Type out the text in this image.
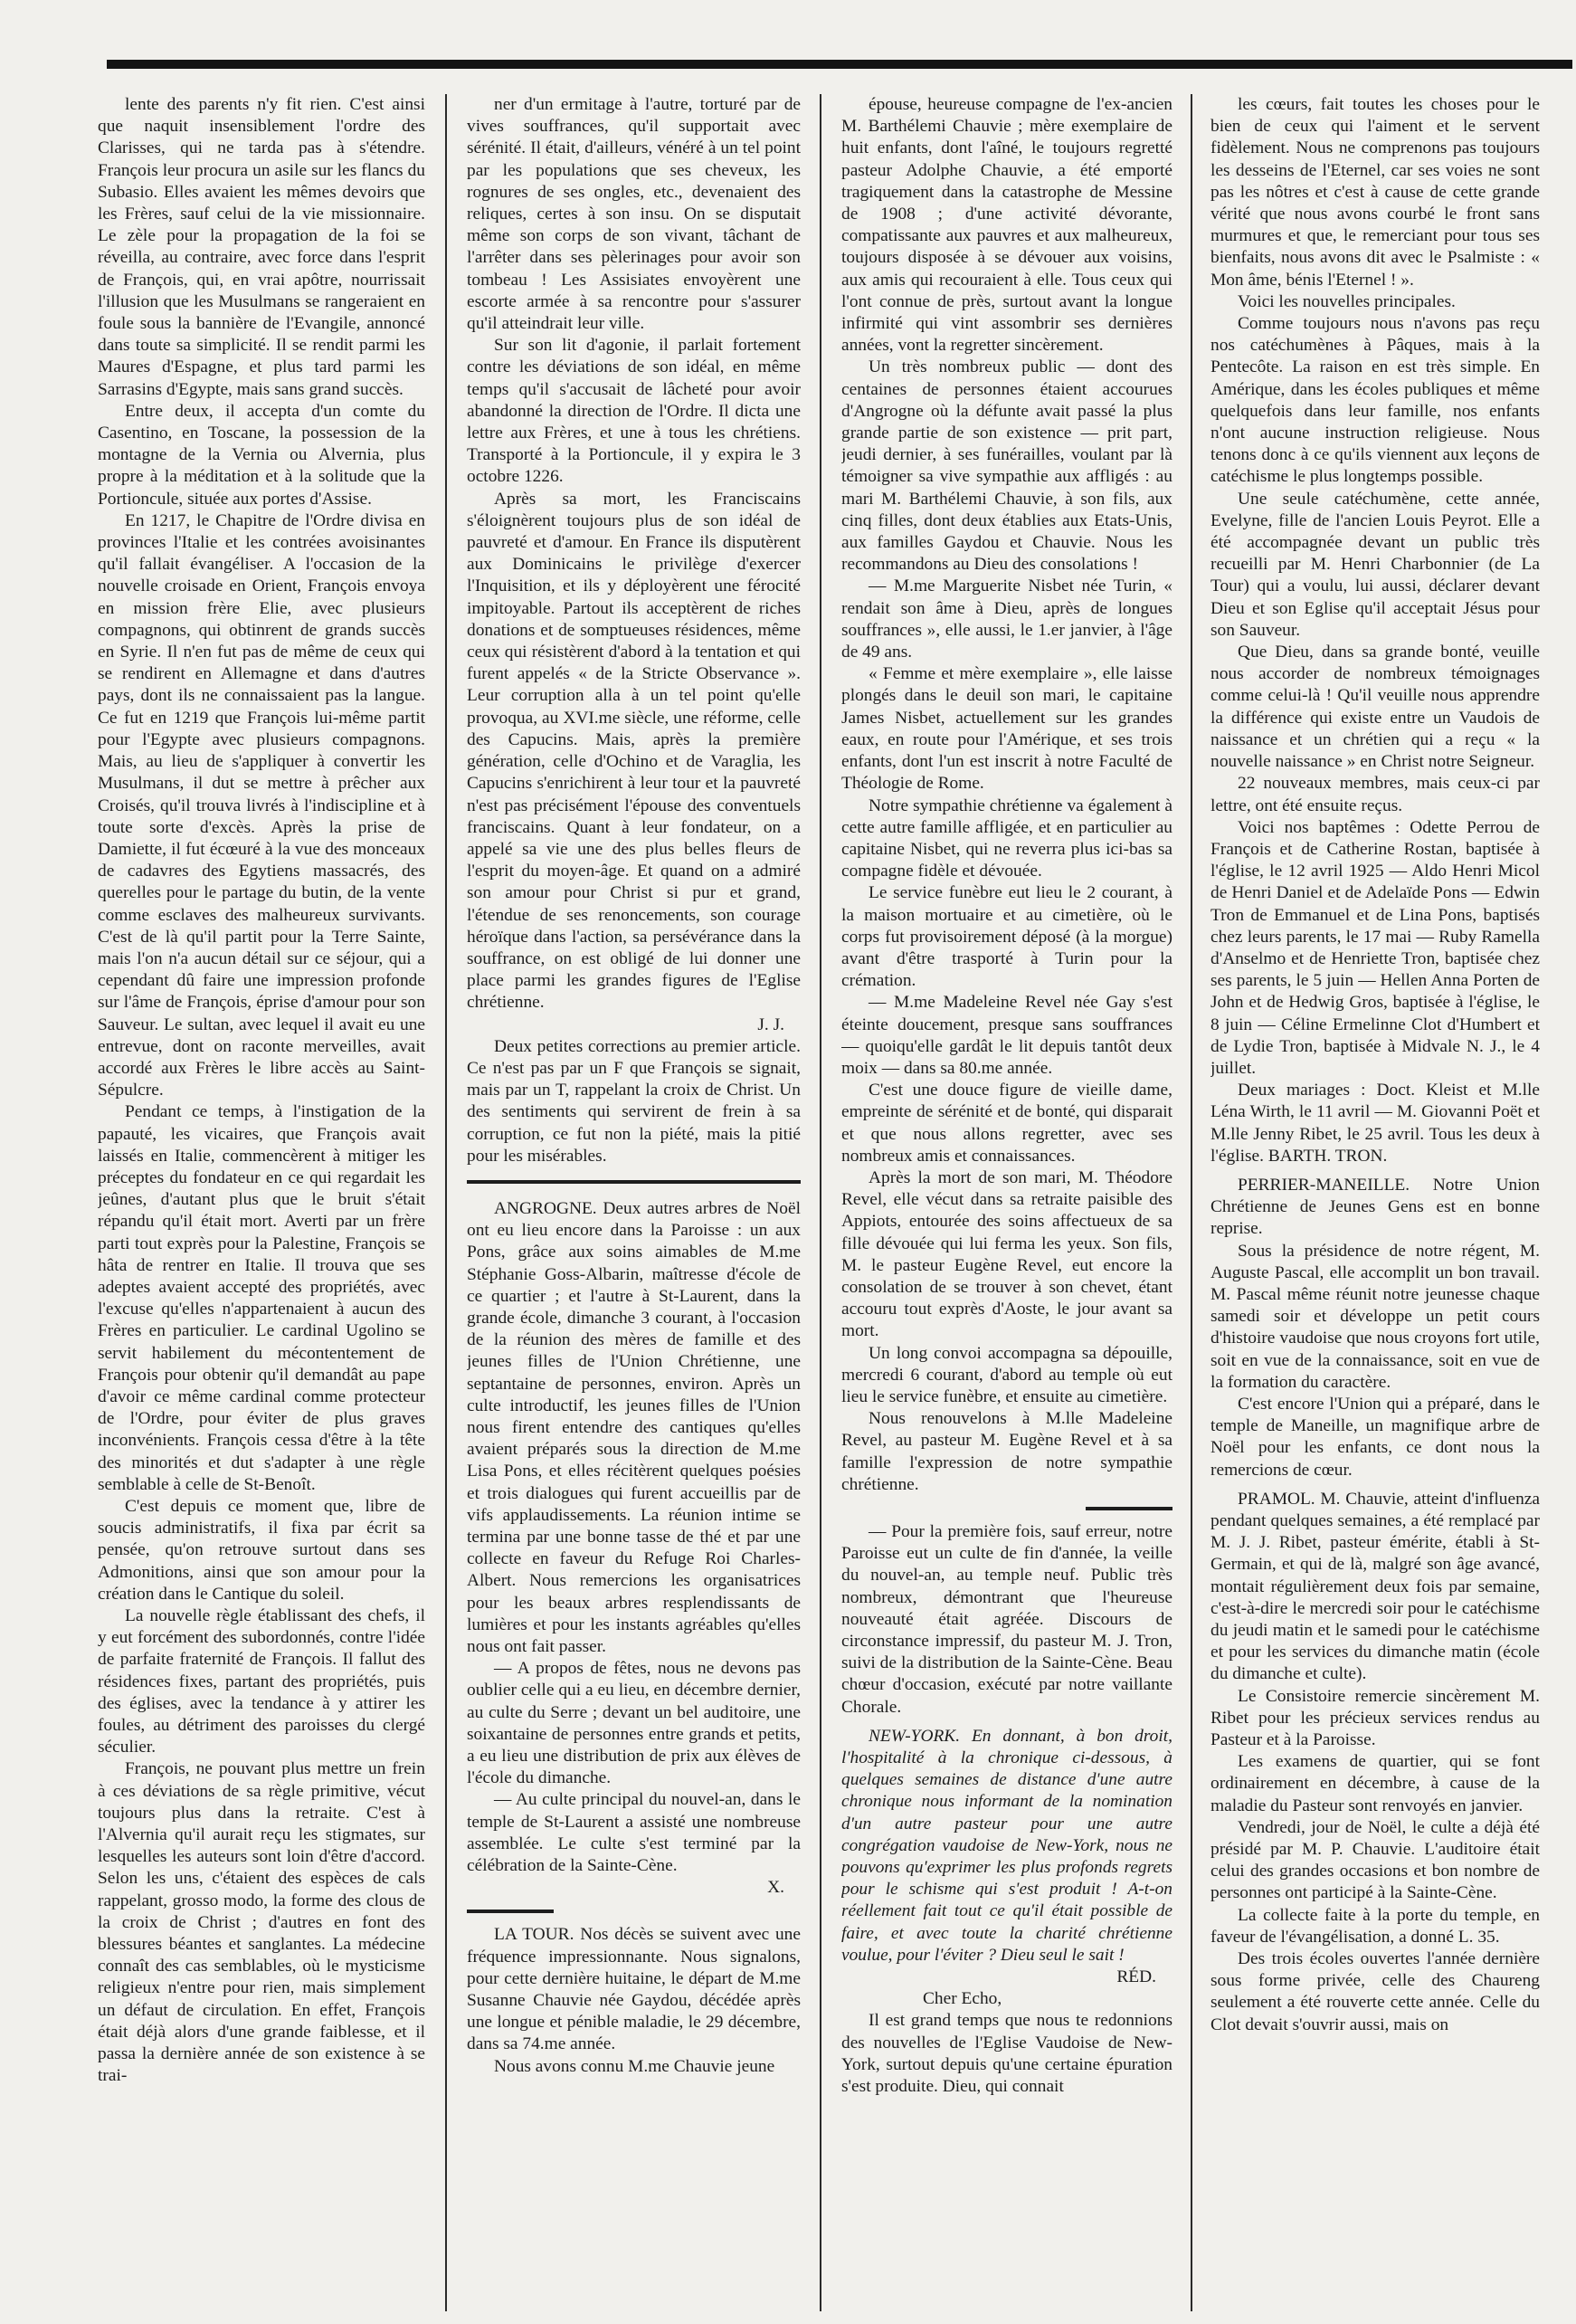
lente des parents n'y fit rien. C'est ainsi que naquit insensiblement l'ordre des Clarisses, qui ne tarda pas à s'étendre. François leur procura un asile sur les flancs du Subasio. Elles avaient les mêmes devoirs que les Frères, sauf celui de la vie missionnaire. Le zèle pour la propagation de la foi se réveilla, au contraire, avec force dans l'esprit de François, qui, en vrai apôtre, nourrissait l'illusion que les Musulmans se rangeraient en foule sous la bannière de l'Evangile, annoncé dans toute sa simplicité. Il se rendit parmi les Maures d'Espagne, et plus tard parmi les Sarrasins d'Egypte, mais sans grand succès.

Entre deux, il accepta d'un comte du Casentino, en Toscane, la possession de la montagne de la Vernia ou Alvernia, plus propre à la méditation et à la solitude que la Portioncule, située aux portes d'Assise.

En 1217, le Chapitre de l'Ordre divisa en provinces l'Italie et les contrées avoisinantes qu'il fallait évangéliser. A l'occasion de la nouvelle croisade en Orient, François envoya en mission frère Elie, avec plusieurs compagnons, qui obtinrent de grands succès en Syrie. Il n'en fut pas de même de ceux qui se rendirent en Allemagne et dans d'autres pays, dont ils ne connaissaient pas la langue. Ce fut en 1219 que François lui-même partit pour l'Egypte avec plusieurs compagnons. Mais, au lieu de s'appliquer à convertir les Musulmans, il dut se mettre à prêcher aux Croisés, qu'il trouva livrés à l'indiscipline et à toute sorte d'excès. Après la prise de Damiette, il fut écœuré à la vue des monceaux de cadavres des Egytiens massacrés, des querelles pour le partage du butin, de la vente comme esclaves des malheureux survivants. C'est de là qu'il partit pour la Terre Sainte, mais l'on n'a aucun détail sur ce séjour, qui a cependant dû faire une impression profonde sur l'âme de François, éprise d'amour pour son Sauveur. Le sultan, avec lequel il avait eu une entrevue, dont on raconte merveilles, avait accordé aux Frères le libre accès au Saint-Sépulcre.

Pendant ce temps, à l'instigation de la papauté, les vicaires, que François avait laissés en Italie, commencèrent à mitiger les préceptes du fondateur en ce qui regardait les jeûnes, d'autant plus que le bruit s'était répandu qu'il était mort. Averti par un frère parti tout exprès pour la Palestine, François se hâta de rentrer en Italie. Il trouva que ses adeptes avaient accepté des propriétés, avec l'excuse qu'elles n'appartenaient à aucun des Frères en particulier. Le cardinal Ugolino se servit habilement du mécontentement de François pour obtenir qu'il demandât au pape d'avoir ce même cardinal comme protecteur de l'Ordre, pour éviter de plus graves inconvénients. François cessa d'être à la tête des minorités et dut s'adapter à une règle semblable à celle de St-Benoît.

C'est depuis ce moment que, libre de soucis administratifs, il fixa par écrit sa pensée, qu'on retrouve surtout dans ses Admonitions, ainsi que son amour pour la création dans le Cantique du soleil.

La nouvelle règle établissant des chefs, il y eut forcément des subordonnés, contre l'idée de parfaite fraternité de François. Il fallut des résidences fixes, partant des propriétés, puis des églises, avec la tendance à y attirer les foules, au détriment des paroisses du clergé séculier.

François, ne pouvant plus mettre un frein à ces déviations de sa règle primitive, vécut toujours plus dans la retraite. C'est à l'Alvernia qu'il aurait reçu les stigmates, sur lesquelles les auteurs sont loin d'être d'accord. Selon les uns, c'étaient des espèces de cals rappelant, grosso modo, la forme des clous de la croix de Christ ; d'autres en font des blessures béantes et sanglantes. La médecine connaît des cas semblables, où le mysticisme religieux n'entre pour rien, mais simplement un défaut de circulation. En effet, François était déjà alors d'une grande faiblesse, et il passa la dernière année de son existence à se trai-

ner d'un ermitage à l'autre, torturé par de vives souffrances, qu'il supportait avec sérénité. Il était, d'ailleurs, vénéré à un tel point par les populations que ses cheveux, les rognures de ses ongles, etc., devenaient des reliques, certes à son insu. On se disputait même son corps de son vivant, tâchant de l'arrêter dans ses pèlerinages pour avoir son tombeau ! Les Assisiates envoyèrent une escorte armée à sa rencontre pour s'assurer qu'il atteindrait leur ville.

Sur son lit d'agonie, il parlait fortement contre les déviations de son idéal, en même temps qu'il s'accusait de lâcheté pour avoir abandonné la direction de l'Ordre. Il dicta une lettre aux Frères, et une à tous les chrétiens. Transporté à la Portioncule, il y expira le 3 octobre 1226.

Après sa mort, les Franciscains s'éloignèrent toujours plus de son idéal de pauvreté et d'amour. En France ils disputèrent aux Dominicains le privilège d'exercer l'Inquisition, et ils y déployèrent une férocité impitoyable. Partout ils acceptèrent de riches donations et de somptueuses résidences, même ceux qui résistèrent d'abord à la tentation et qui furent appelés « de la Stricte Observance ». Leur corruption alla à un tel point qu'elle provoqua, au XVI.me siècle, une réforme, celle des Capucins. Mais, après la première génération, celle d'Ochino et de Varaglia, les Capucins s'enrichirent à leur tour et la pauvreté n'est pas précisément l'épouse des conventuels franciscains. Quant à leur fondateur, on a appelé sa vie une des plus belles fleurs de l'esprit du moyen-âge. Et quand on a admiré son amour pour Christ si pur et grand, l'étendue de ses renoncements, son courage héroïque dans l'action, sa persévérance dans la souffrance, on est obligé de lui donner une place parmi les grandes figures de l'Eglise chrétienne.

J. J.

Deux petites corrections au premier article. Ce n'est pas par un F que François se signait, mais par un T, rappelant la croix de Christ. Un des sentiments qui servirent de frein à sa corruption, ce fut non la piété, mais la pitié pour les misérables.

ANGROGNE. Deux autres arbres de Noël ont eu lieu encore dans la Paroisse : un aux Pons, grâce aux soins aimables de M.me Stéphanie Goss-Albarin, maîtresse d'école de ce quartier ; et l'autre à St-Laurent, dans la grande école, dimanche 3 courant, à l'occasion de la réunion des mères de famille et des jeunes filles de l'Union Chrétienne, une septantaine de personnes, environ. Après un culte introductif, les jeunes filles de l'Union nous firent entendre des cantiques qu'elles avaient préparés sous la direction de M.me Lisa Pons, et elles récitèrent quelques poésies et trois dialogues qui furent accueillis par de vifs applaudissements. La réunion intime se termina par une bonne tasse de thé et par une collecte en faveur du Refuge Roi Charles-Albert. Nous remercions les organisatrices pour les beaux arbres resplendissants de lumières et pour les instants agréables qu'elles nous ont fait passer.

— A propos de fêtes, nous ne devons pas oublier celle qui a eu lieu, en décembre dernier, au culte du Serre ; devant un bel auditoire, une soixantaine de personnes entre grands et petits, a eu lieu une distribution de prix aux élèves de l'école du dimanche.

— Au culte principal du nouvel-an, dans le temple de St-Laurent a assisté une nombreuse assemblée. Le culte s'est terminé par la célébration de la Sainte-Cène.

X.

LA TOUR. Nos décès se suivent avec une fréquence impressionnante. Nous signalons, pour cette dernière huitaine, le départ de M.me Susanne Chauvie née Gaydou, décédée après une longue et pénible maladie, le 29 décembre, dans sa 74.me année.

Nous avons connu M.me Chauvie jeune

épouse, heureuse compagne de l'ex-ancien M. Barthélemi Chauvie ; mère exemplaire de huit enfants, dont l'aîné, le toujours regretté pasteur Adolphe Chauvie, a été emporté tragiquement dans la catastrophe de Messine de 1908 ; d'une activité dévorante, compatissante aux pauvres et aux malheureux, toujours disposée à se dévouer aux voisins, aux amis qui recouraient à elle. Tous ceux qui l'ont connue de près, surtout avant la longue infirmité qui vint assombrir ses dernières années, vont la regretter sincèrement.

Un très nombreux public — dont des centaines de personnes étaient accourues d'Angrogne où la défunte avait passé la plus grande partie de son existence — prit part, jeudi dernier, à ses funérailles, voulant par là témoigner sa vive sympathie aux affligés : au mari M. Barthélemi Chauvie, à son fils, aux cinq filles, dont deux établies aux Etats-Unis, aux familles Gaydou et Chauvie. Nous les recommandons au Dieu des consolations !

— M.me Marguerite Nisbet née Turin, « rendait son âme à Dieu, après de longues souffrances », elle aussi, le 1.er janvier, à l'âge de 49 ans.

« Femme et mère exemplaire », elle laisse plongés dans le deuil son mari, le capitaine James Nisbet, actuellement sur les grandes eaux, en route pour l'Amérique, et ses trois enfants, dont l'un est inscrit à notre Faculté de Théologie de Rome.

Notre sympathie chrétienne va également à cette autre famille affligée, et en particulier au capitaine Nisbet, qui ne reverra plus ici-bas sa compagne fidèle et dévouée.

Le service funèbre eut lieu le 2 courant, à la maison mortuaire et au cimetière, où le corps fut provisoirement déposé (à la morgue) avant d'être trasporté à Turin pour la crémation.

— M.me Madeleine Revel née Gay s'est éteinte doucement, presque sans souffrances — quoiqu'elle gardât le lit depuis tantôt deux moix — dans sa 80.me année.

C'est une douce figure de vieille dame, empreinte de sérénité et de bonté, qui disparait et que nous allons regretter, avec ses nombreux amis et connaissances.

Après la mort de son mari, M. Théodore Revel, elle vécut dans sa retraite paisible des Appiots, entourée des soins affectueux de sa fille dévouée qui lui ferma les yeux. Son fils, M. le pasteur Eugène Revel, eut encore la consolation de se trouver à son chevet, étant accouru tout exprès d'Aoste, le jour avant sa mort.

Un long convoi accompagna sa dépouille, mercredi 6 courant, d'abord au temple où eut lieu le service funèbre, et ensuite au cimetière.

Nous renouvelons à M.lle Madeleine Revel, au pasteur M. Eugène Revel et à sa famille l'expression de notre sympathie chrétienne.

— Pour la première fois, sauf erreur, notre Paroisse eut un culte de fin d'année, la veille du nouvel-an, au temple neuf. Public très nombreux, démontrant que l'heureuse nouveauté était agréée. Discours de circonstance impressif, du pasteur M. J. Tron, suivi de la distribution de la Sainte-Cène. Beau chœur d'occasion, exécuté par notre vaillante Chorale.

NEW-YORK. En donnant, à bon droit, l'hospitalité à la chronique ci-dessous, à quelques semaines de distance d'une autre chronique nous informant de la nomination d'un autre pasteur pour une autre congrégation vaudoise de New-York, nous ne pouvons qu'exprimer les plus profonds regrets pour le schisme qui s'est produit ! A-t-on réellement fait tout ce qu'il était possible de faire, et avec toute la charité chrétienne voulue, pour l'éviter ? Dieu seul le sait !

RÉD.

Cher Echo,

Il est grand temps que nous te redonnions des nouvelles de l'Eglise Vaudoise de New-York, surtout depuis qu'une certaine épuration s'est produite. Dieu, qui connait

les cœurs, fait toutes les choses pour le bien de ceux qui l'aiment et le servent fidèlement. Nous ne comprenons pas toujours les desseins de l'Eternel, car ses voies ne sont pas les nôtres et c'est à cause de cette grande vérité que nous avons courbé le front sans murmures et que, le remerciant pour tous ses bienfaits, nous avons dit avec le Psalmiste : « Mon âme, bénis l'Eternel ! ».

Voici les nouvelles principales.

Comme toujours nous n'avons pas reçu nos catéchumènes à Pâques, mais à la Pentecôte. La raison en est très simple. En Amérique, dans les écoles publiques et même quelquefois dans leur famille, nos enfants n'ont aucune instruction religieuse. Nous tenons donc à ce qu'ils viennent aux leçons de catéchisme le plus longtemps possible.

Une seule catéchumène, cette année, Evelyne, fille de l'ancien Louis Peyrot. Elle a été accompagnée devant un public très recueilli par M. Henri Charbonnier (de La Tour) qui a voulu, lui aussi, déclarer devant Dieu et son Eglise qu'il acceptait Jésus pour son Sauveur.

Que Dieu, dans sa grande bonté, veuille nous accorder de nombreux témoignages comme celui-là ! Qu'il veuille nous apprendre la différence qui existe entre un Vaudois de naissance et un chrétien qui a reçu « la nouvelle naissance » en Christ notre Seigneur.

22 nouveaux membres, mais ceux-ci par lettre, ont été ensuite reçus.

Voici nos baptêmes : Odette Perrou de François et de Catherine Rostan, baptisée à l'église, le 12 avril 1925 — Aldo Henri Micol de Henri Daniel et de Adelaïde Pons — Edwin Tron de Emmanuel et de Lina Pons, baptisés chez leurs parents, le 17 mai — Ruby Ramella d'Anselmo et de Henriette Tron, baptisée chez ses parents, le 5 juin — Hellen Anna Porten de John et de Hedwig Gros, baptisée à l'église, le 8 juin — Céline Ermelinne Clot d'Humbert et de Lydie Tron, baptisée à Midvale N. J., le 4 juillet.

Deux mariages : Doct. Kleist et M.lle Léna Wirth, le 11 avril — M. Giovanni Poët et M.lle Jenny Ribet, le 25 avril. Tous les deux à l'église. BARTH. TRON.

PERRIER-MANEILLE. Notre Union Chrétienne de Jeunes Gens est en bonne reprise.

Sous la présidence de notre régent, M. Auguste Pascal, elle accomplit un bon travail. M. Pascal même réunit notre jeunesse chaque samedi soir et développe un petit cours d'histoire vaudoise que nous croyons fort utile, soit en vue de la connaissance, soit en vue de la formation du caractère.

C'est encore l'Union qui a préparé, dans le temple de Maneille, un magnifique arbre de Noël pour les enfants, ce dont nous la remercions de cœur.

PRAMOL. M. Chauvie, atteint d'influenza pendant quelques semaines, a été remplacé par M. J. J. Ribet, pasteur émérite, établi à St-Germain, et qui de là, malgré son âge avancé, montait régulièrement deux fois par semaine, c'est-à-dire le mercredi soir pour le catéchisme du jeudi matin et le samedi pour le catéchisme et pour les services du dimanche matin (école du dimanche et culte).

Le Consistoire remercie sincèrement M. Ribet pour les précieux services rendus au Pasteur et à la Paroisse.

Les examens de quartier, qui se font ordinairement en décembre, à cause de la maladie du Pasteur sont renvoyés en janvier.

Vendredi, jour de Noël, le culte a déjà été présidé par M. P. Chauvie. L'auditoire était celui des grandes occasions et bon nombre de personnes ont participé à la Sainte-Cène.

La collecte faite à la porte du temple, en faveur de l'évangélisation, a donné L. 35.

Des trois écoles ouvertes l'année dernière sous forme privée, celle des Chaureng seulement a été rouverte cette année. Celle du Clot devait s'ouvrir aussi, mais on
